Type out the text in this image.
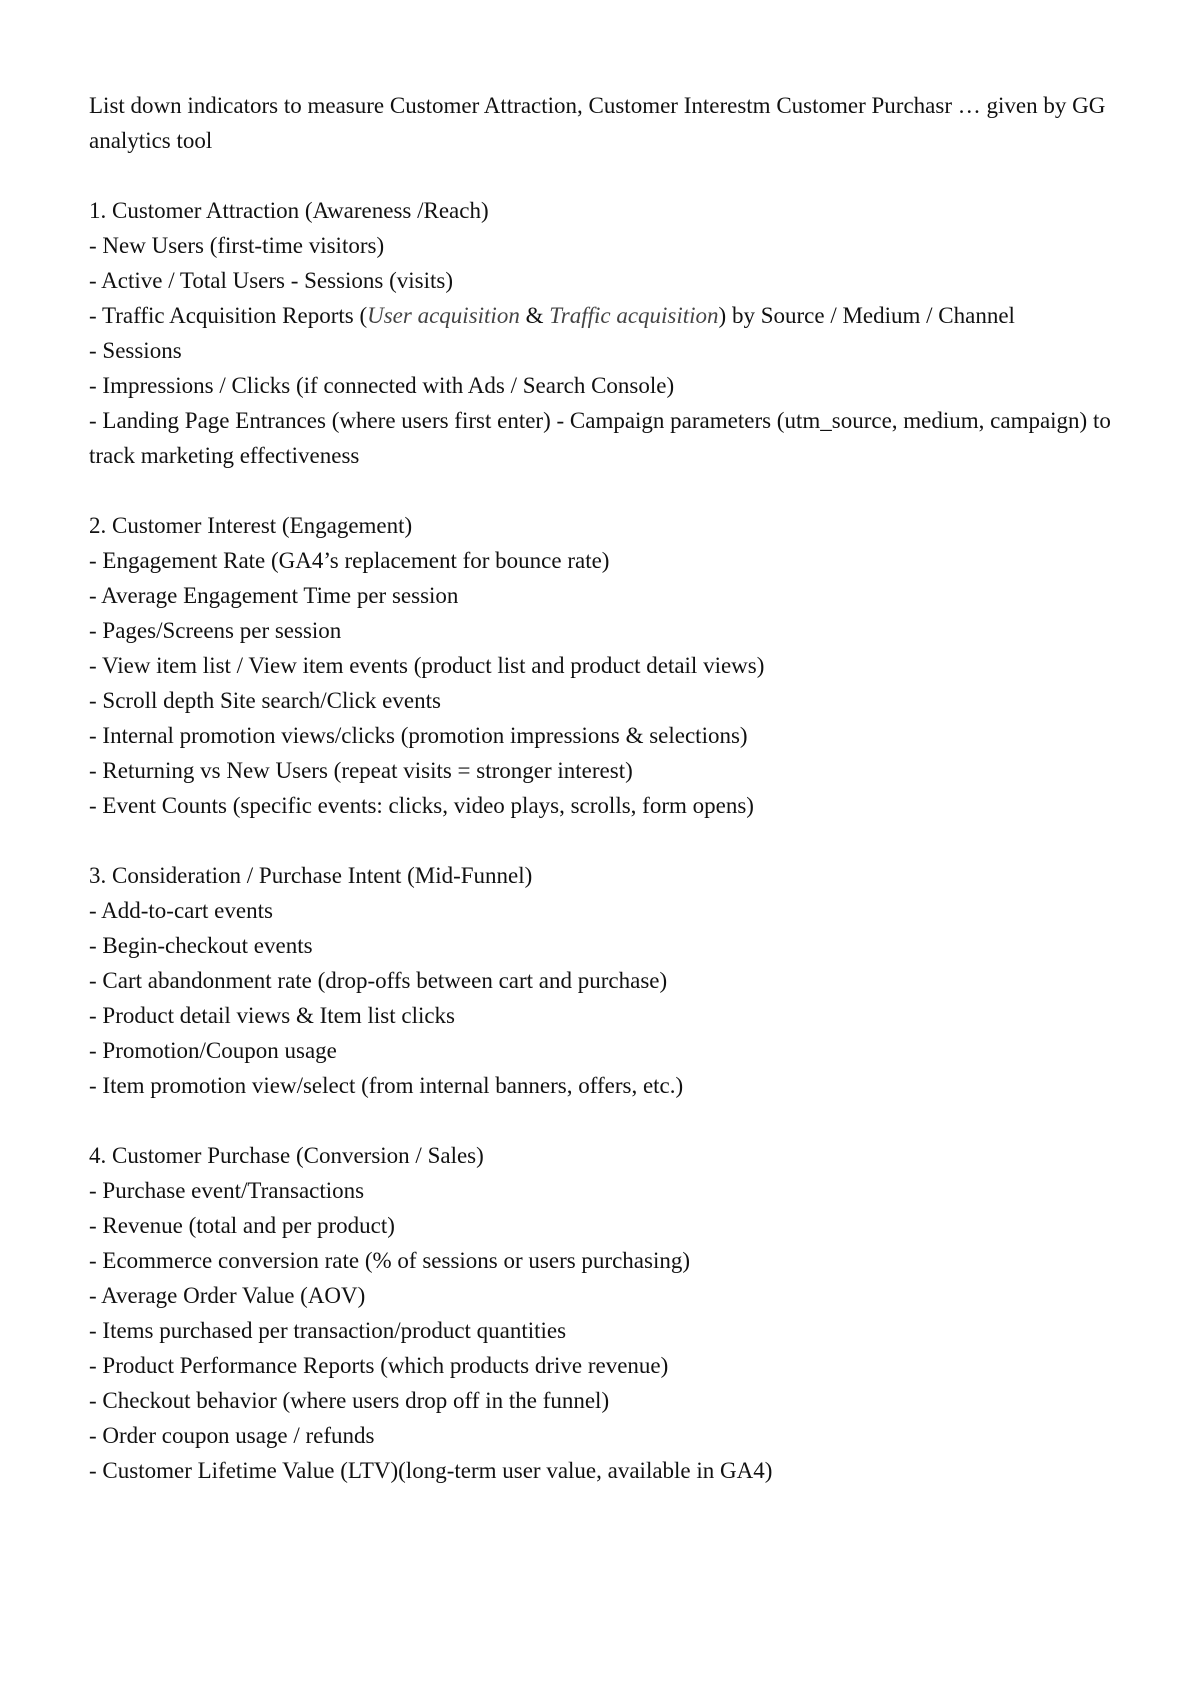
List down indicators to measure Customer Attraction, Customer Interestm Customer Purchasr … given by GG analytics tool

1. Customer Attraction (Awareness /Reach)

- New Users (first-time visitors)

- Active / Total Users - Sessions (visits)

- Traffic Acquisition Reports (User acquisition & Traffic acquisition) by Source / Medium / Channel

- Sessions

- Impressions / Clicks (if connected with Ads / Search Console)

- Landing Page Entrances (where users first enter) - Campaign parameters (utm_source, medium, campaign) to track marketing effectiveness

2. Customer Interest (Engagement)

- Engagement Rate (GA4’s replacement for bounce rate)

- Average Engagement Time per session

- Pages/Screens per session

- View item list / View item events (product list and product detail views)

- Scroll depth Site search/Click events

- Internal promotion views/clicks (promotion impressions & selections)

- Returning vs New Users (repeat visits = stronger interest)

- Event Counts (specific events: clicks, video plays, scrolls, form opens)

3. Consideration / Purchase Intent (Mid-Funnel)

- Add-to-cart events

- Begin-checkout events

- Cart abandonment rate (drop-offs between cart and purchase)

- Product detail views & Item list clicks

- Promotion/Coupon usage

- Item promotion view/select (from internal banners, offers, etc.)

4. Customer Purchase (Conversion / Sales)

- Purchase event/Transactions

- Revenue (total and per product)

- Ecommerce conversion rate (% of sessions or users purchasing)

- Average Order Value (AOV)

- Items purchased per transaction/product quantities

- Product Performance Reports (which products drive revenue)

- Checkout behavior (where users drop off in the funnel)

- Order coupon usage / refunds

- Customer Lifetime Value (LTV)(long-term user value, available in GA4)
